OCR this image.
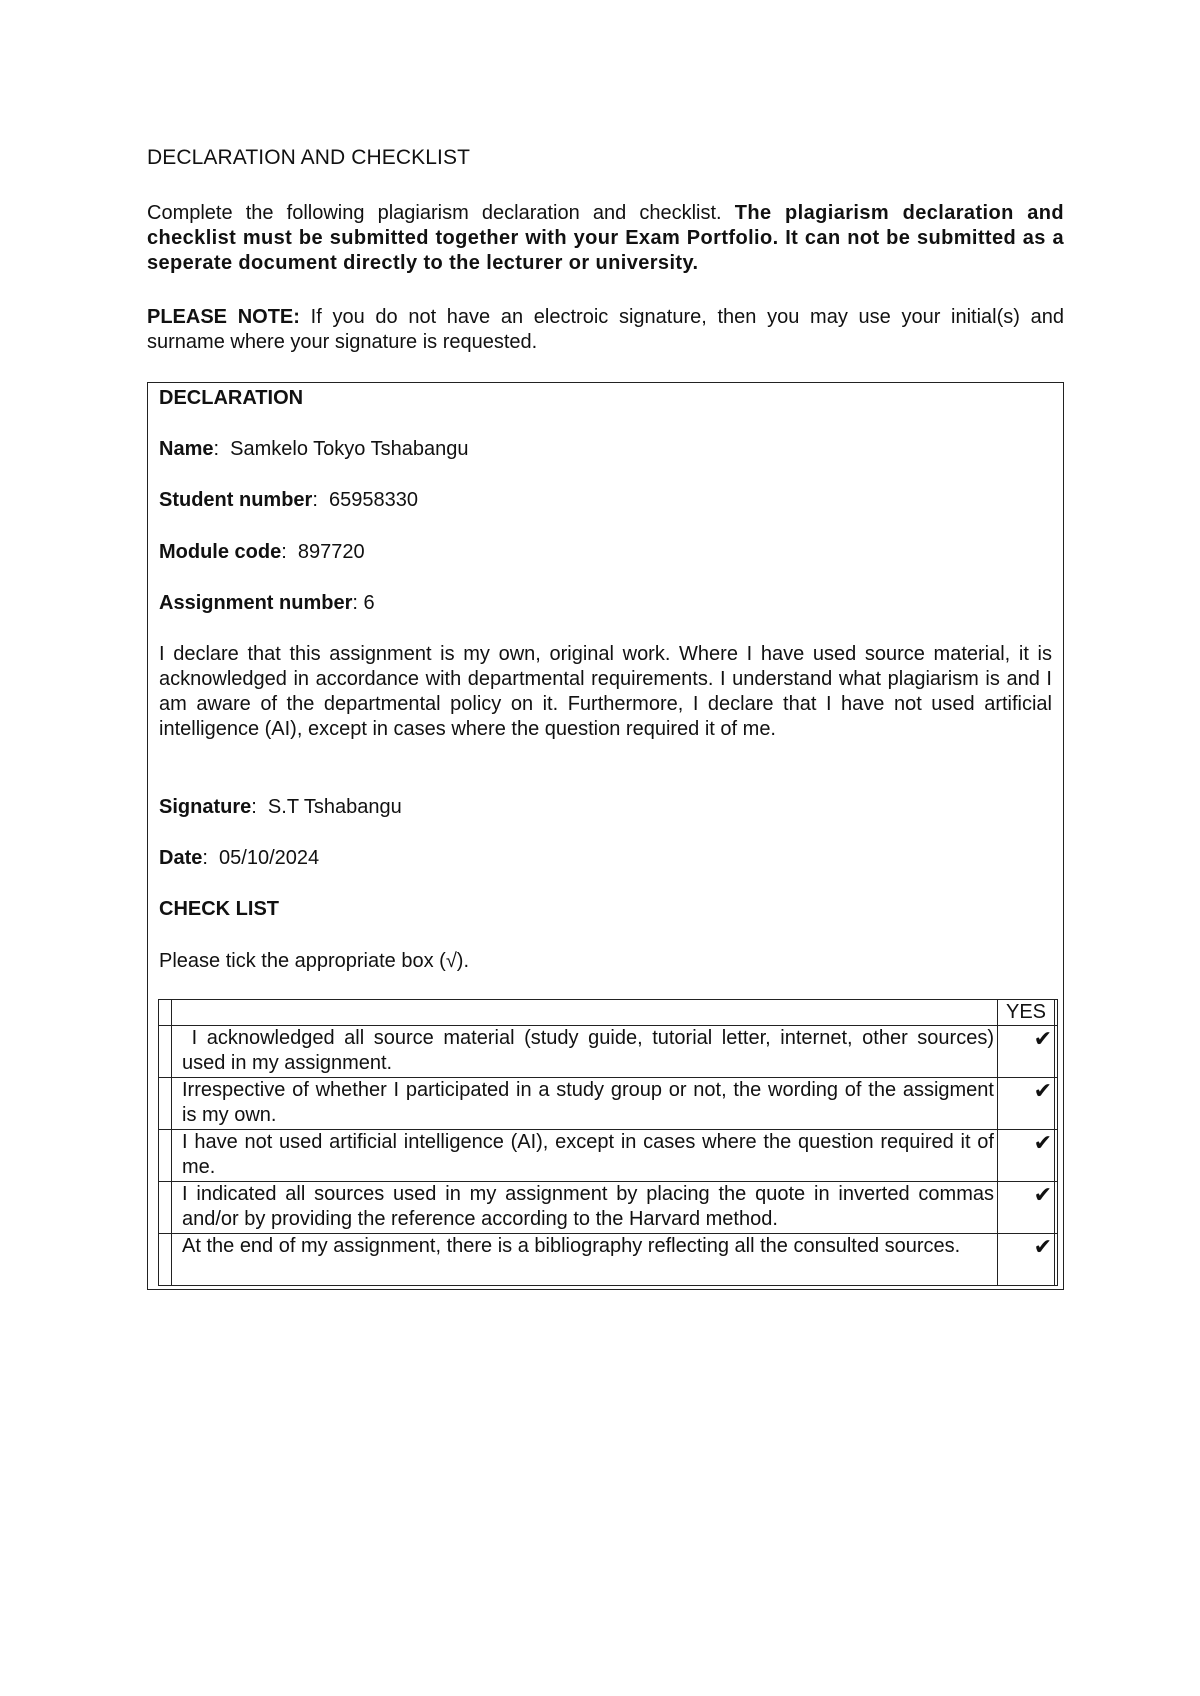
DECLARATION AND CHECKLIST

Complete the following plagiarism declaration and checklist. The plagiarism declaration and checklist must be submitted together with your Exam Portfolio. It can not be submitted as a seperate document directly to the lecturer or university.

PLEASE NOTE: If you do not have an electroic signature, then you may use your initial(s) and surname where your signature is requested.

DECLARATION
Name:  Samkelo Tokyo Tshabangu
Student number:  65958330
Module code:  897720
Assignment number: 6
I declare that this assignment is my own, original work. Where I have used source material, it is acknowledged in accordance with departmental requirements. I understand what plagiarism is and I am aware of the departmental policy on it. Furthermore, I declare that I have not used artificial intelligence (AI), except in cases where the question required it of me.
Signature:  S.T Tshabangu
Date:  05/10/2024
CHECK LIST
Please tick the appropriate box (√).
		YES	
	I acknowledged all source material (study guide, tutorial letter, internet, other sources) used in my assignment.	✔	
	Irrespective of whether I participated in a study group or not, the wording of the assigment is my own.	✔	
	I have not used artificial intelligence (AI), except in cases where the question required it of me.	✔	
	I indicated all sources used in my assignment by placing the quote in inverted commas and/or by providing the reference according to the Harvard method.	✔	
	At the end of my assignment, there is a bibliography reflecting all the consulted sources.	✔	
